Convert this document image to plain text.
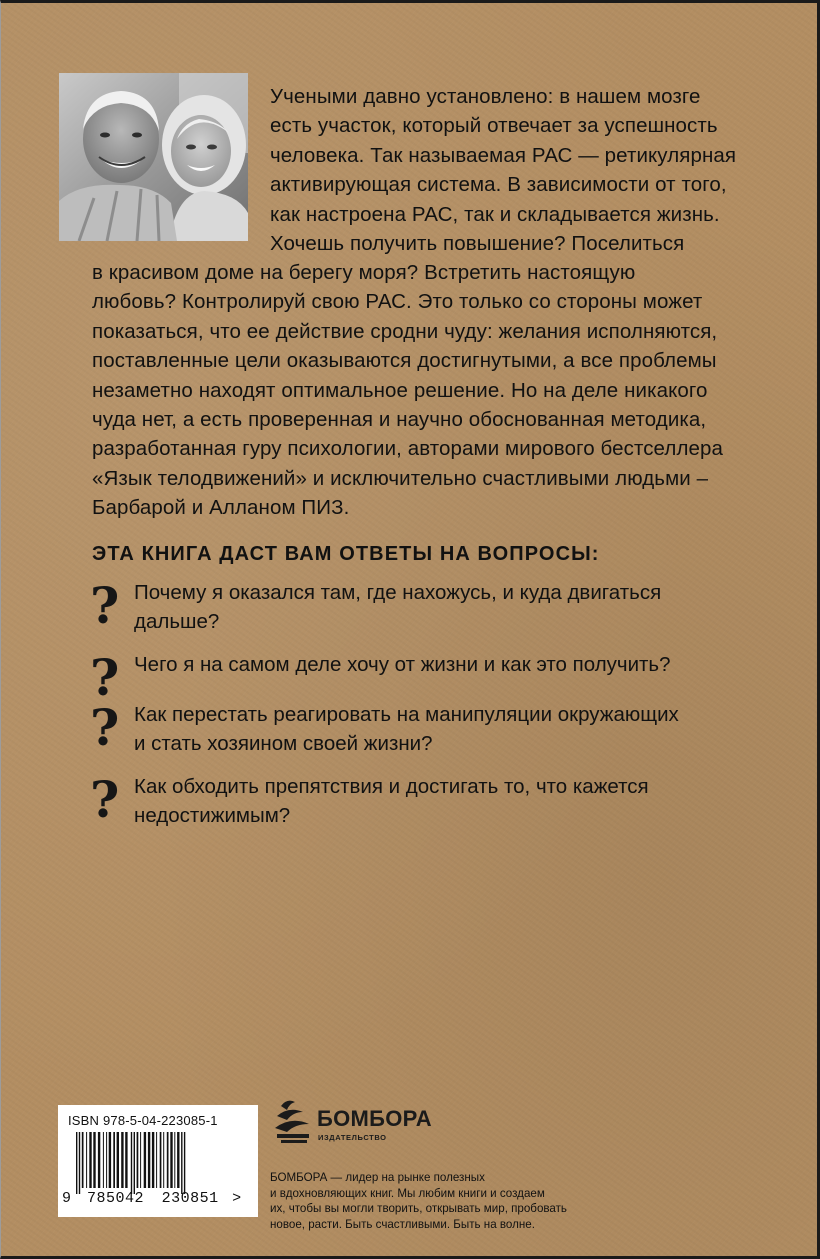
Учеными давно установлено: в нашем мозге
есть участок, который отвечает за успешность
человека. Так называемая РАС — ретикулярная
активирующая система. В зависимости от того,
как настроена РАС, так и складывается жизнь.
Хочешь получить повышение? Поселиться
в красивом доме на берегу моря? Встретить настоящую
любовь? Контролируй свою РАС. Это только со стороны может
показаться, что ее действие сродни чуду: желания исполняются,
поставленные цели оказываются достигнутыми, а все проблемы
незаметно находят оптимальное решение. Но на деле никакого
чуда нет, а есть проверенная и научно обоснованная методика,
разработанная гуру психологии, авторами мирового бестселлера
«Язык телодвижений» и исключительно счастливыми людьми –
Барбарой и Алланом ПИЗ.
ЭТА КНИГА ДАСТ ВАМ ОТВЕТЫ НА ВОПРОСЫ:
? Почему я оказался там, где нахожусь, и куда двигаться
дальше?
? Чего я на самом деле хочу от жизни и как это получить?
? Как перестать реагировать на манипуляции окружающих
и стать хозяином своей жизни?
? Как обходить препятствия и достигать то, что кажется
недостижимым?
ISBN 978-5-04-223085-1
9 785042 230851 >
БОМБОРА
ИЗДАТЕЛЬСТВО
БОМБОРА — лидер на рынке полезных
и вдохновляющих книг. Мы любим книги и создаем
их, чтобы вы могли творить, открывать мир, пробовать
новое, расти. Быть счастливыми. Быть на волне.
